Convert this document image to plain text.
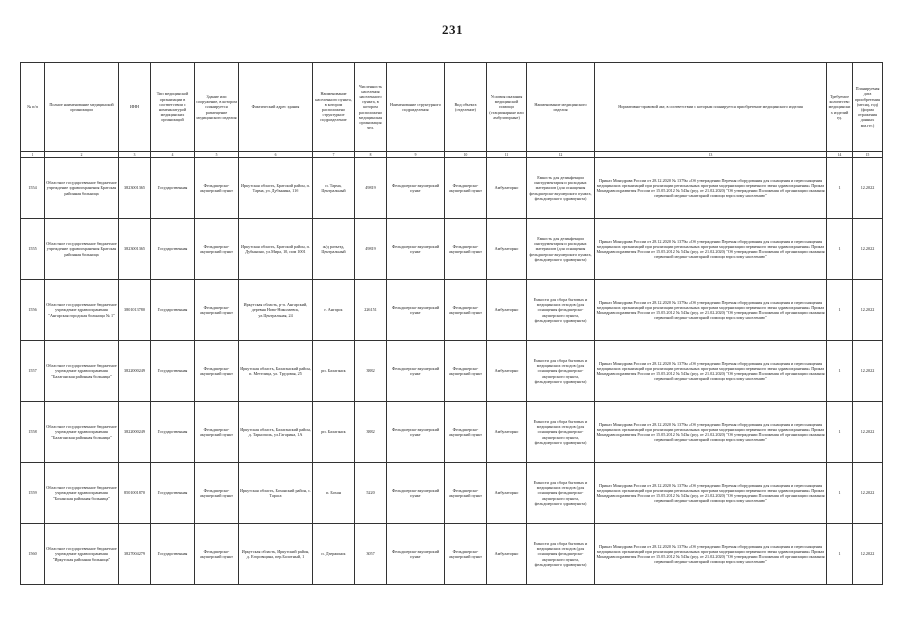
231
№ п/п	Полное наименование медицинской организации	ИНН	Тип медицинской организации в соответствии с номенклатурой медицинских организаций	Здание или сооружение, в котором планируется размещение медицинского изделия	Фактический адрес здания	Наименование населенного пункта, в котором расположено структурное подразделение	Численность населения населенного пункта, в котором расположено медицинская организация чел.	Наименование структурного подразделения	Вид объекта (отделение)	Условия оказания медицинской помощи (стационарные или амбулаторные)	Наименование медицинского изделия	Нормативно-правовой акт, в соответствии с которым планируется приобретение медицинского изделия	Требуемое количество медицинских изделий ед.	Планируемая дата приобретения (месяц, год) (форма отражения данных мм.ггг.)
1	2	3	4	5	6	7	8	9	10	11	12	13	14	15
1554	Областное государственное бюджетное учреждение здравоохранения Братская районная больница	3823001365	Государственная	Фельдшерско-акушерский пункт	Иркутская область, Братский район, п. Тарма, ул. Дубынина, 11б	п. Тарма, Центральный	49819	Фельдшерско-акушерский пункт	Фельдшерско-акушерский пункт	Амбулаторно	Емкость для дезинфекции инструментария и расходных материалов (для оснащения фельдшерско-акушерского пункта, фельдшерского здравпункта)	Приказ Минздрава России от 28.12.2020 № 1379н «Об утверждении Перечня оборудования для оснащения и переоснащения медицинских организаций при реализации региональных программ модернизации первичного звена здравоохранения» Приказ Минздравсоцразвития России от 15.05.2012 № 543н (ред. от 21.02.2020) "Об утверждении Положения об организации оказания первичной медико-санитарной помощи взрослому населению"	1	12.2022
1555	Областное государственное бюджетное учреждение здравоохранения Братская районная больница	3823001365	Государственная	Фельдшерско-акушерский пункт	Иркутская область, Братский район, п. Дубынино, ул.Мира, 10, пом 1001	ж/д разъезд, Центральный	49819	Фельдшерско-акушерский пункт	Фельдшерско-акушерский пункт	Амбулаторно	Емкость для дезинфекции инструментария и расходных материалов (для оснащения фельдшерско-акушерского пункта, фельдшерского здравпункта)	Приказ Минздрава России от 28.12.2020 № 1379н «Об утверждении Перечня оборудования для оснащения и переоснащения медицинских организаций при реализации региональных программ модернизации первичного звена здравоохранения» Приказ Минздравсоцразвития России от 15.05.2012 № 543н (ред. от 21.02.2020) "Об утверждении Положения об организации оказания первичной медико-санитарной помощи взрослому населению"	1	12.2022
1556	Областное государственное бюджетное учреждение здравоохранения "Ангарская городская больница № 1"	3801013780	Государственная	Фельдшерско-акушерский пункт	Иркутская область, р-п. Ангарский, деревня Ново-Николаевск, ул.Центральная, 24	г. Ангарск	226151	Фельдшерско-акушерский пункт	Фельдшерско-акушерский пункт	Амбулаторно	Емкости для сбора бытовых и медицинских отходов (для оснащения фельдшерско-акушерского пункта, фельдшерского здравпункта)	Приказ Минздрава России от 28.12.2020 № 1379н «Об утверждении Перечня оборудования для оснащения и переоснащения медицинских организаций при реализации региональных программ модернизации первичного звена здравоохранения» Приказ Минздравсоцразвития России от 15.05.2012 № 543н (ред. от 21.02.2020) "Об утверждении Положения об организации оказания первичной медико-санитарной помощи взрослому населению"	1	12.2022
1557	Областное государственное бюджетное учреждение здравоохранения "Балаганская районная больница"	3822000249	Государственная	Фельдшерско-акушерский пункт	Иркутская область, Балаганский район, п. Метелица, ул. Трудовая, 25	рп. Балаганск	3882	Фельдшерско-акушерский пункт	Фельдшерско-акушерский пункт	Амбулаторно	Емкости для сбора бытовых и медицинских отходов (для оснащения фельдшерско-акушерского пункта, фельдшерского здравпункта)	Приказ Минздрава России от 28.12.2020 № 1379н «Об утверждении Перечня оборудования для оснащения и переоснащения медицинских организаций при реализации региональных программ модернизации первичного звена здравоохранения» Приказ Минздравсоцразвития России от 15.05.2012 № 543н (ред. от 21.02.2020) "Об утверждении Положения об организации оказания первичной медико-санитарной помощи взрослому населению"	1	12.2022
1558	Областное государственное бюджетное учреждение здравоохранения "Балаганская районная больница"	3822000249	Государственная	Фельдшерско-акушерский пункт	Иркутская область, Балаганский район, д. Тарнополь, ул.Гагарина, 1А	рп. Балаганск	3882	Фельдшерско-акушерский пункт	Фельдшерско-акушерский пункт	Амбулаторно	Емкости для сбора бытовых и медицинских отходов (для оснащения фельдшерско-акушерского пункта, фельдшерского здравпункта)	Приказ Минздрава России от 28.12.2020 № 1379н «Об утверждении Перечня оборудования для оснащения и переоснащения медицинских организаций при реализации региональных программ модернизации первичного звена здравоохранения» Приказ Минздравсоцразвития России от 15.05.2012 № 543н (ред. от 21.02.2020) "Об утверждении Положения об организации оказания первичной медико-санитарной помощи взрослому населению"	1	12.2022
1559	Областное государственное бюджетное учреждение здравоохранения "Боханская районная больница"	8501001870	Государственная	Фельдшерско-акушерский пункт	Иркутская область, Боханский район, с. Тараса	п. Бохан	5220	Фельдшерско-акушерский пункт	Фельдшерско-акушерский пункт	Амбулаторно	Емкости для сбора бытовых и медицинских отходов (для оснащения фельдшерско-акушерского пункта, фельдшерского здравпункта)	Приказ Минздрава России от 28.12.2020 № 1379н «Об утверждении Перечня оборудования для оснащения и переоснащения медицинских организаций при реализации региональных программ модернизации первичного звена здравоохранения» Приказ Минздравсоцразвития России от 15.05.2012 № 543н (ред. от 21.02.2020) "Об утверждении Положения об организации оказания первичной медико-санитарной помощи взрослому населению"	1	12.2022
1560	Областное государственное бюджетное учреждение здравоохранения "Иркутская районная больница"	3827004279	Государственная	Фельдшерско-акушерский пункт	Иркутская область, Иркутский район, д. Егоровщина, пер.Болотный, 1	п. Дзержинск	3057	Фельдшерско-акушерский пункт	Фельдшерско-акушерский пункт	Амбулаторно	Емкости для сбора бытовых и медицинских отходов (для оснащения фельдшерско-акушерского пункта, фельдшерского здравпункта)	Приказ Минздрава России от 28.12.2020 № 1379н «Об утверждении Перечня оборудования для оснащения и переоснащения медицинских организаций при реализации региональных программ модернизации первичного звена здравоохранения» Приказ Минздравсоцразвития России от 15.05.2012 № 543н (ред. от 21.02.2020) "Об утверждении Положения об организации оказания первичной медико-санитарной помощи взрослому населению"	1	12.2022
